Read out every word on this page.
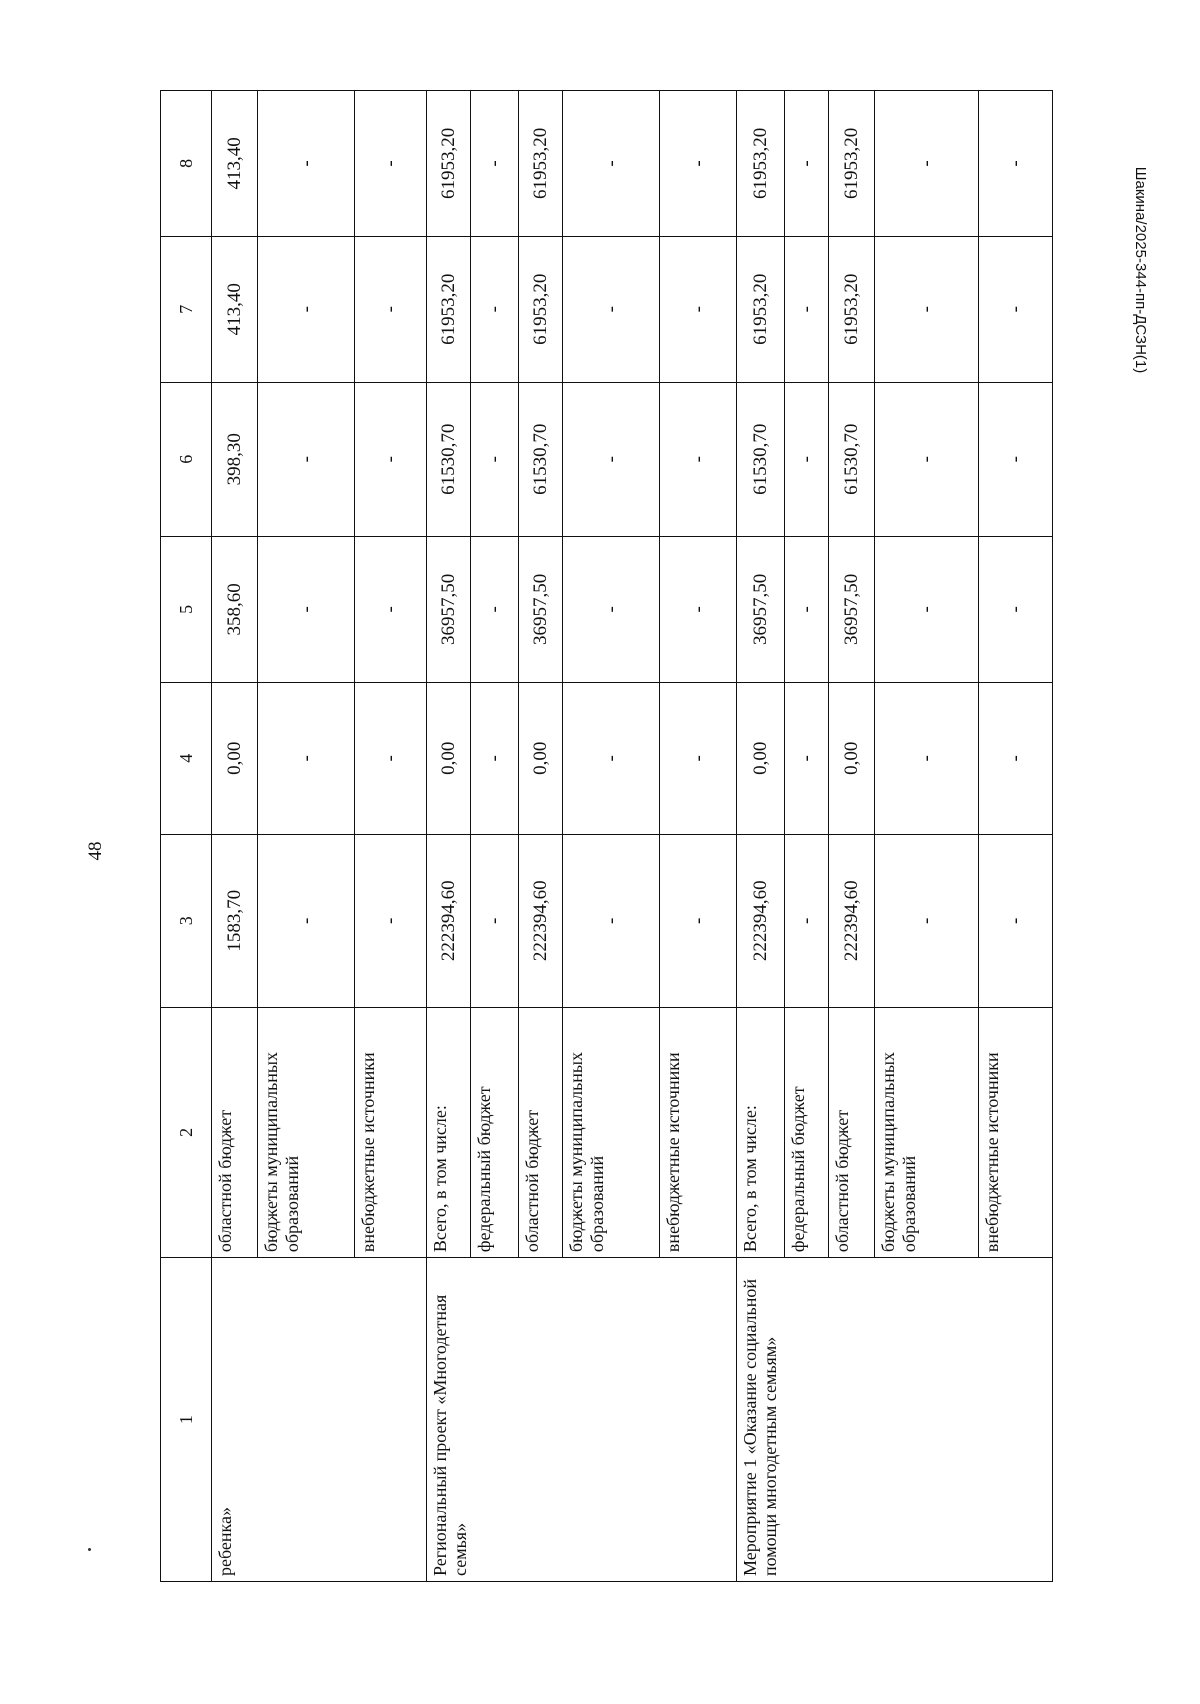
48
Шакина/2025-344-пп-ДСЗН(1)
1	2	3	4	5	6	7	8
ребенка»	областной бюджет	1583,70	0,00	358,60	398,30	413,40	413,40
	бюджеты муниципальных образований	-	-	-	-	-	-
	внебюджетные источники	-	-	-	-	-	-
Региональный проект «Многодетная семья»	Всего, в том числе:	222394,60	0,00	36957,50	61530,70	61953,20	61953,20
	федеральный бюджет	-	-	-	-	-	-
	областной бюджет	222394,60	0,00	36957,50	61530,70	61953,20	61953,20
	бюджеты муниципальных образований	-	-	-	-	-	-
	внебюджетные источники	-	-	-	-	-	-
Мероприятие 1 «Оказание социальной помощи многодетным семьям»	Всего, в том числе:	222394,60	0,00	36957,50	61530,70	61953,20	61953,20
	федеральный бюджет	-	-	-	-	-	-
	областной бюджет	222394,60	0,00	36957,50	61530,70	61953,20	61953,20
	бюджеты муниципальных образований	-	-	-	-	-	-
	внебюджетные источники	-	-	-	-	-	-
